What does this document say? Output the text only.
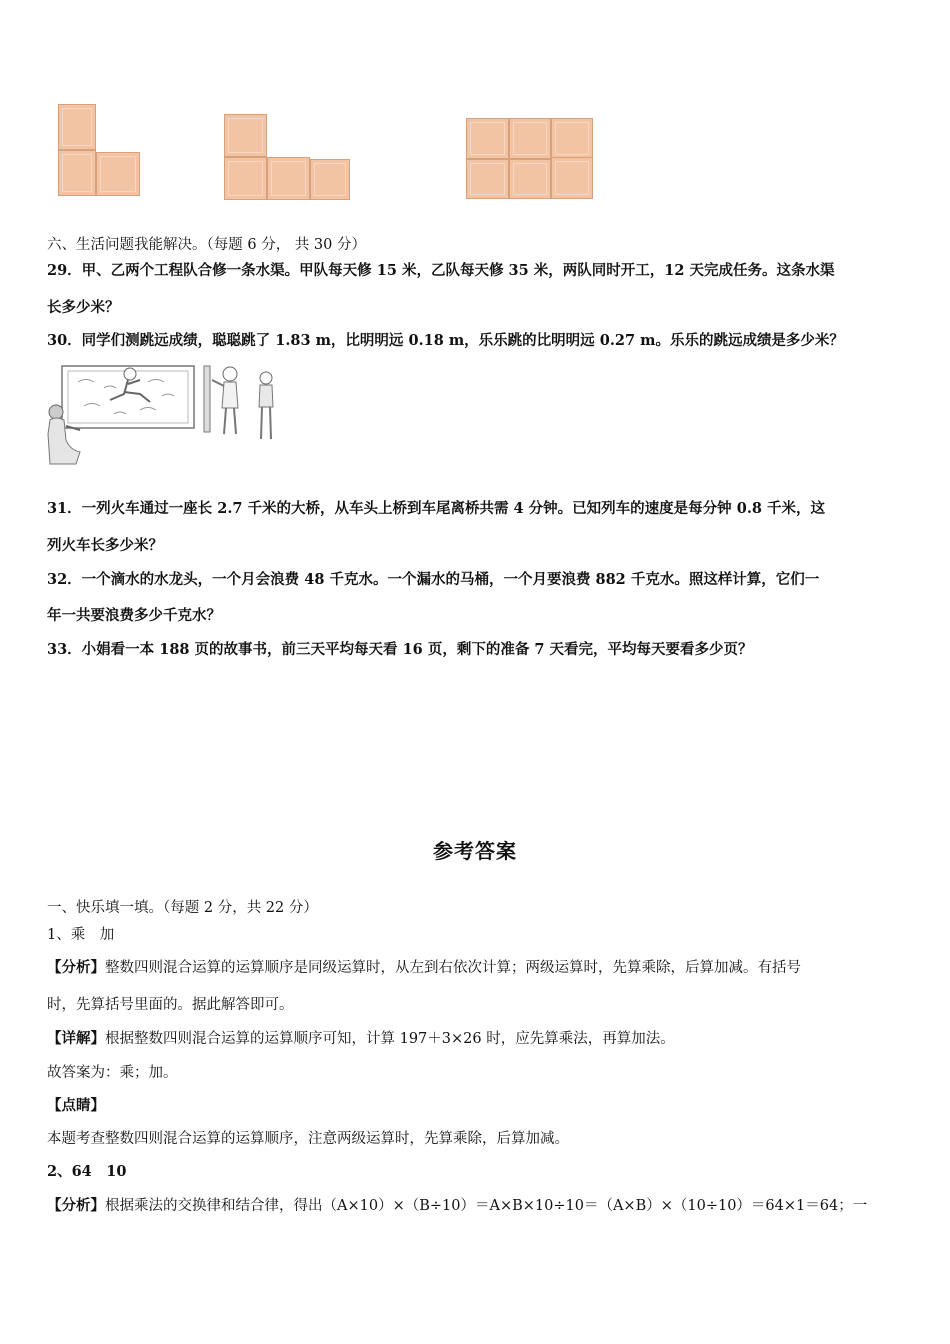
六、生活问题我能解决。（每题 6 分， 共 30 分）
29．甲、乙两个工程队合修一条水渠。甲队每天修 15 米，乙队每天修 35 米，两队同时开工，12 天完成任务。这条水渠
长多少米？
30．同学们测跳远成绩，聪聪跳了 1.83 m，比明明远 0.18 m，乐乐跳的比明明远 0.27 m。乐乐的跳远成绩是多少米？
31．一列火车通过一座长 2.7 千米的大桥，从车头上桥到车尾离桥共需 4 分钟。已知列车的速度是每分钟 0.8 千米，这
列火车长多少米？
32．一个滴水的水龙头，一个月会浪费 48 千克水。一个漏水的马桶，一个月要浪费 882 千克水。照这样计算，它们一
年一共要浪费多少千克水？
33．小娟看一本 188 页的故事书，前三天平均每天看 16 页，剩下的准备 7 天看完，平均每天要看多少页？
参考答案
一、快乐填一填。（每题 2 分，共 22 分）
1、乘　加
【分析】整数四则混合运算的运算顺序是同级运算时，从左到右依次计算；两级运算时，先算乘除，后算加减。有括号
时，先算括号里面的。据此解答即可。
【详解】根据整数四则混合运算的运算顺序可知，计算 197＋3×26 时，应先算乘法，再算加法。
故答案为：乘；加。
【点睛】
本题考查整数四则混合运算的运算顺序，注意两级运算时，先算乘除，后算加减。
2、64　10
【分析】根据乘法的交换律和结合律，得出（A×10）×（B÷10）＝A×B×10÷10＝（A×B）×（10÷10）＝64×1＝64；一
